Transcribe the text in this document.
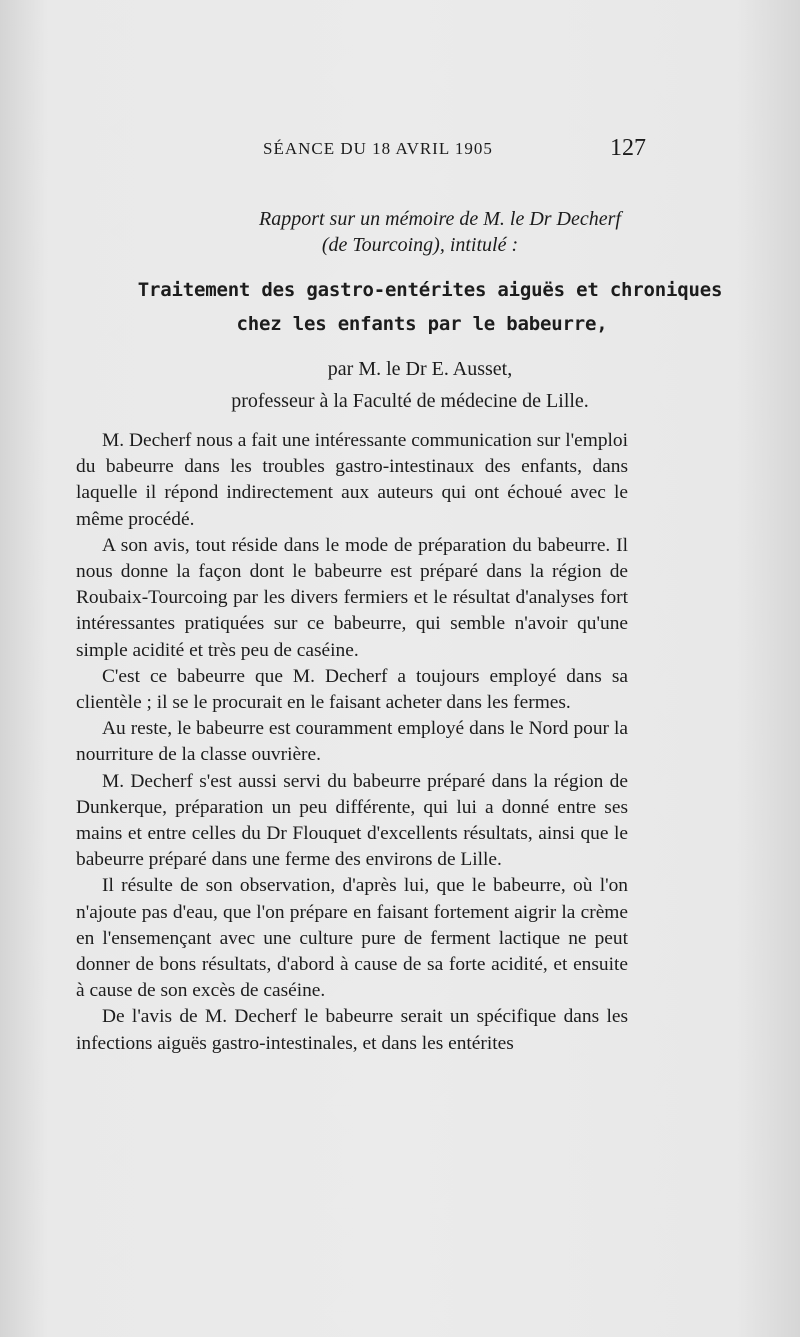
SÉANCE DU 18 AVRIL 1905	127
Rapport sur un mémoire de M. le Dr Decherf
(de Tourcoing), intitulé :
Traitement des gastro-entérites aiguës et chroniques
chez les enfants par le babeurre,
par M. le Dr E. Ausset,
professeur à la Faculté de médecine de Lille.

M. Decherf nous a fait une intéressante communication sur l'emploi du babeurre dans les troubles gastro-intestinaux des enfants, dans laquelle il répond indirectement aux auteurs qui ont échoué avec le même procédé.

A son avis, tout réside dans le mode de préparation du babeurre. Il nous donne la façon dont le babeurre est préparé dans la région de Roubaix-Tourcoing par les divers fermiers et le résultat d'analyses fort intéressantes pratiquées sur ce babeurre, qui semble n'avoir qu'une simple acidité et très peu de caséine.

C'est ce babeurre que M. Decherf a toujours employé dans sa clientèle ; il se le procurait en le faisant acheter dans les fermes.

Au reste, le babeurre est couramment employé dans le Nord pour la nourriture de la classe ouvrière.

M. Decherf s'est aussi servi du babeurre préparé dans la région de Dunkerque, préparation un peu différente, qui lui a donné entre ses mains et entre celles du Dr Flouquet d'excellents résultats, ainsi que le babeurre préparé dans une ferme des environs de Lille.

Il résulte de son observation, d'après lui, que le babeurre, où l'on n'ajoute pas d'eau, que l'on prépare en faisant fortement aigrir la crème en l'ensemençant avec une culture pure de ferment lactique ne peut donner de bons résultats, d'abord à cause de sa forte acidité, et ensuite à cause de son excès de caséine.

De l'avis de M. Decherf le babeurre serait un spécifique dans les infections aiguës gastro-intestinales, et dans les entérites
